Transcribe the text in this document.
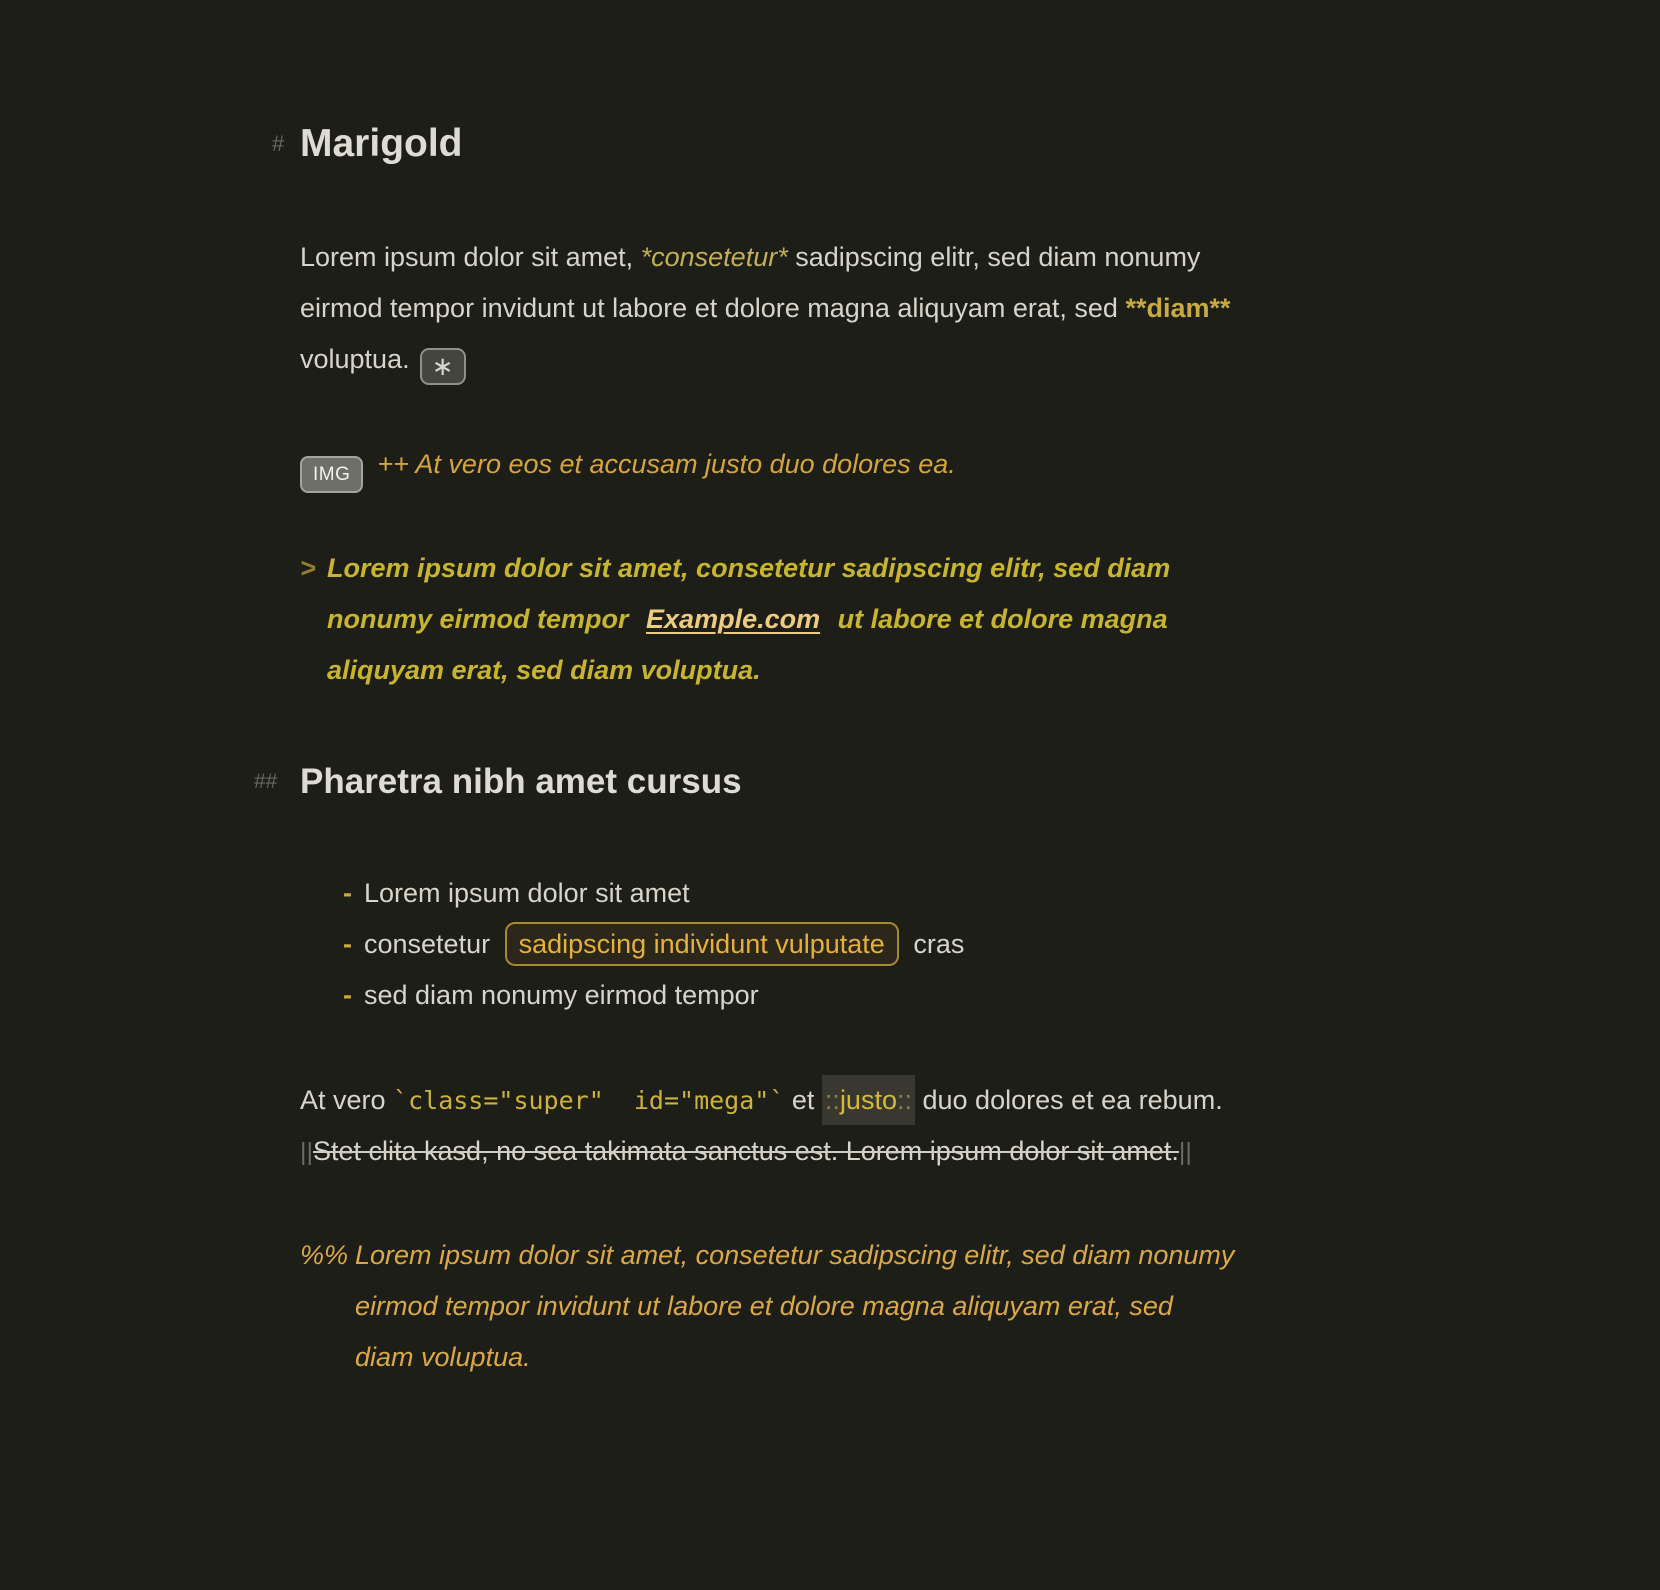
# Marigold
Lorem ipsum dolor sit amet, *consetetur* sadipscing elitr, sed diam nonumy eirmod tempor invidunt ut labore et dolore magna aliquyam erat, sed **diam** voluptua. ∗
IMG ++ At vero eos et accusam justo duo dolores ea.
> Lorem ipsum dolor sit amet, consetetur sadipscing elitr, sed diam nonumy eirmod tempor Example.com ut labore et dolore magna aliquyam erat, sed diam voluptua.
## Pharetra nibh amet cursus
- Lorem ipsum dolor sit amet
- consetetur sadipscing individunt vulputate cras
- sed diam nonumy eirmod tempor
At vero `class="super"  id="mega"` et ::justo:: duo dolores et ea rebum.
||Stet clita kasd, no sea takimata sanctus est. Lorem ipsum dolor sit amet.||
%% Lorem ipsum dolor sit amet, consetetur sadipscing elitr, sed diam nonumy eirmod tempor invidunt ut labore et dolore magna aliquyam erat, sed diam voluptua.
